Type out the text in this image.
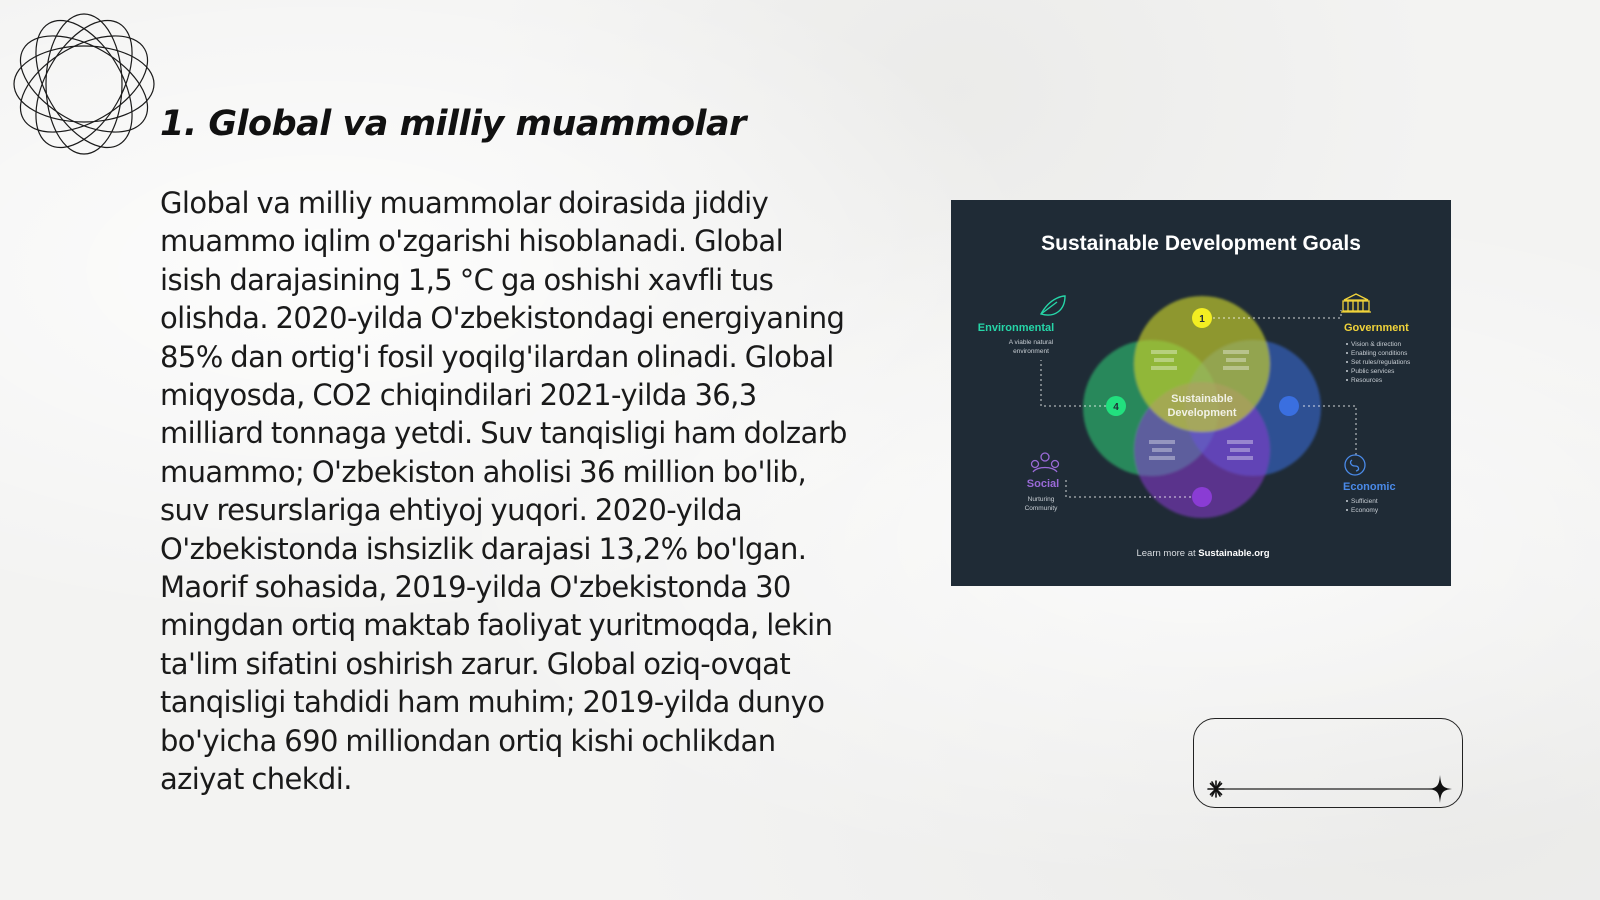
1. Global va milliy muammolar

Global va milliy muammolar doirasida jiddiy muammo iqlim o'zgarishi hisoblanadi. Global isish darajasining 1,5 °C ga oshishi xavfli tus olishda. 2020-yilda O'zbekistondagi energiyaning 85% dan ortig'i fosil yoqilg'ilardan olinadi. Global miqyosda, CO2 chiqindilari 2021-yilda 36,3 milliard tonnaga yetdi. Suv tanqisligi ham dolzarb muammo; O'zbekiston aholisi 36 million bo'lib, suv resurslariga ehtiyoj yuqori. 2020-yilda O'zbekistonda ishsizlik darajasi 13,2% bo'lgan. Maorif sohasida, 2019-yilda O'zbekistonda 30 mingdan ortiq maktab faoliyat yuritmoqda, lekin ta'lim sifatini oshirish zarur. Global oziq-ovqat tanqisligi tahdidi ham muhim; 2019-yilda dunyo bo'yicha 690 milliondan ortiq kishi ochlikdan aziyat chekdi.

Sustainable Development Goals
Sustainable
Development
1
4
Environmental
A viable natural
environment
Government
Vision & direction
Enabling conditions
Set rules/regulations
Public services
Resources
Social
Nurturing
Community
Economic
Sufficient
Economy
Learn more at Sustainable.org
